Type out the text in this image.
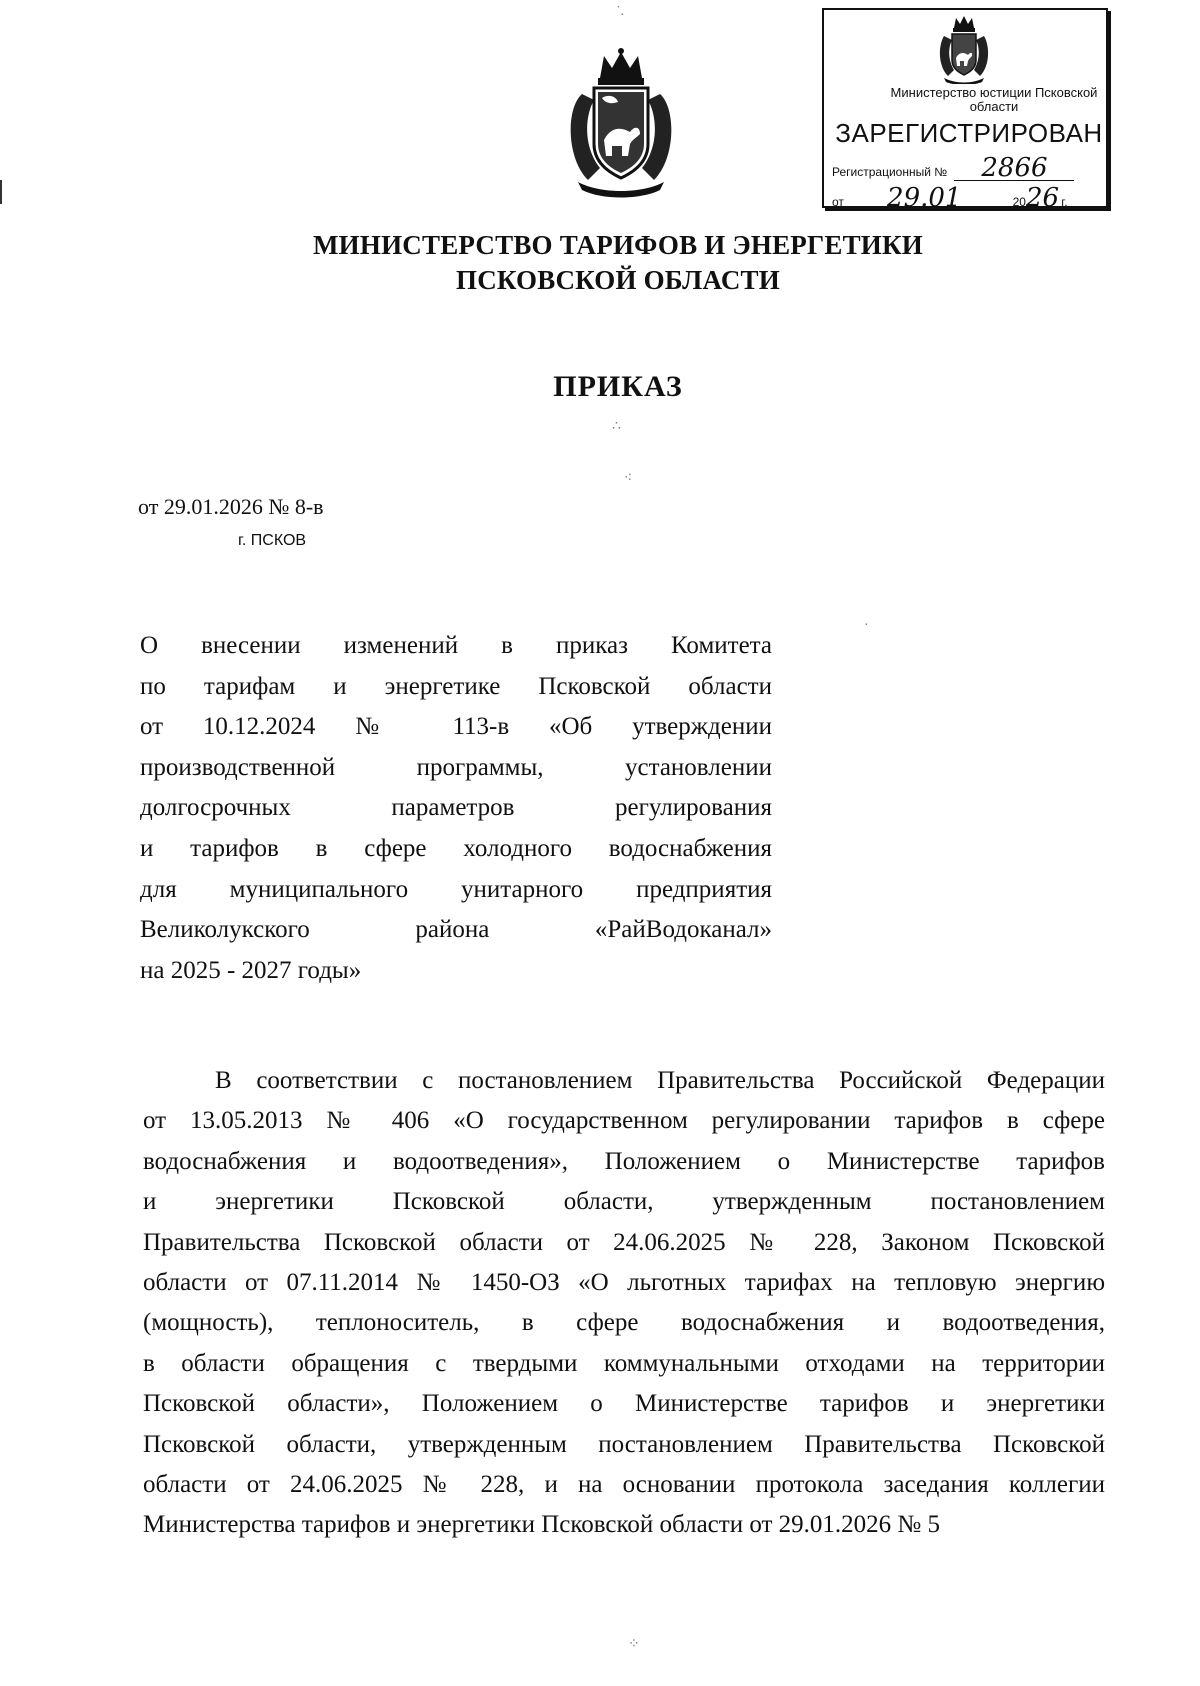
Министерство юстиции Псковской области
ЗАРЕГИСТРИРОВАН
Регистрационный № 2866
от 29.01	2026 г.
МИНИСТЕРСТВО ТАРИФОВ И ЭНЕРГЕТИКИ
ПСКОВСКОЙ ОБЛАСТИ
ПРИКАЗ
от 29.01.2026 № 8-в
г. ПСКОВ
О внесении изменений в приказ Комитета
по тарифам и энергетике Псковской области
от 10.12.2024 № 113-в «Об утверждении
производственной программы, установлении
долгосрочных параметров регулирования
и тарифов в сфере холодного водоснабжения
для муниципального унитарного предприятия
Великолукского района «РайВодоканал»
на 2025 - 2027 годы»
В соответствии с постановлением Правительства Российской Федерации
от 13.05.2013 № 406 «О государственном регулировании тарифов в сфере
водоснабжения и водоотведения», Положением о Министерстве тарифов
и энергетики Псковской области, утвержденным постановлением
Правительства Псковской области от 24.06.2025 № 228, Законом Псковской
области от 07.11.2014 № 1450-ОЗ «О льготных тарифах на тепловую энергию
(мощность), теплоноситель, в сфере водоснабжения и водоотведения,
в области обращения с твердыми коммунальными отходами на территории
Псковской области», Положением о Министерстве тарифов и энергетики
Псковской области, утвержденным постановлением Правительства Псковской
области от 24.06.2025 № 228, и на основании протокола заседания коллегии
Министерства тарифов и энергетики Псковской области от 29.01.2026 № 5
˙.
∴
⁖
·
⁘
